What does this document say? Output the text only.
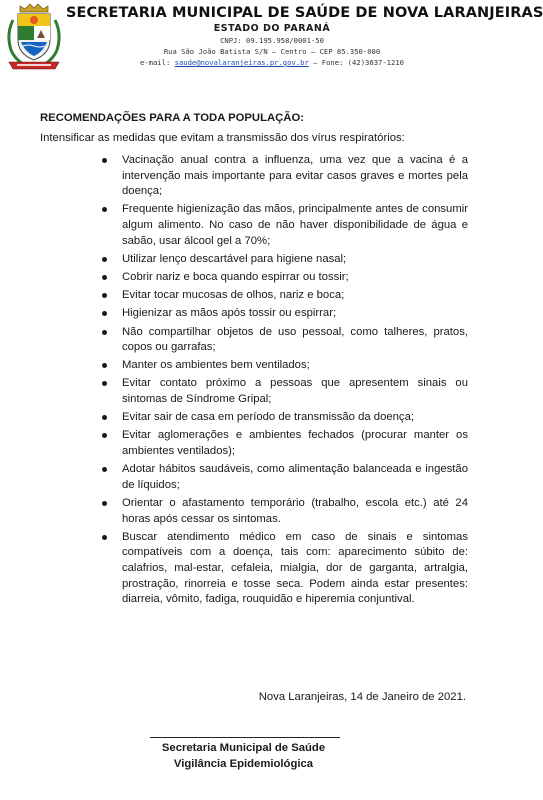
SECRETARIA MUNICIPAL DE SAÚDE DE NOVA LARANJEIRAS
ESTADO DO PARANÁ
CNPJ: 09.195.958/0001-50
Rua São João Batista S/N – Centro – CEP 85.350-000
e-mail: saude@novalaranjeiras.pr.gov.br – Fone: (42)3637-1210
RECOMENDAÇÕES PARA A TODA POPULAÇÃO:
Intensificar as medidas que evitam a transmissão dos vírus respiratórios:
Vacinação anual contra a influenza, uma vez que a vacina é a intervenção mais importante para evitar casos graves e mortes pela doença;
Frequente higienização das mãos, principalmente antes de consumir algum alimento. No caso de não haver disponibilidade de água e sabão, usar álcool gel a 70%;
Utilizar lenço descartável para higiene nasal;
Cobrir nariz e boca quando espirrar ou tossir;
Evitar tocar mucosas de olhos, nariz e boca;
Higienizar as mãos após tossir ou espirrar;
Não compartilhar objetos de uso pessoal, como talheres, pratos, copos ou garrafas;
Manter os ambientes bem ventilados;
Evitar contato próximo a pessoas que apresentem sinais ou sintomas de Síndrome Gripal;
Evitar sair de casa em período de transmissão da doença;
Evitar aglomerações e ambientes fechados (procurar manter os ambientes ventilados);
Adotar hábitos saudáveis, como alimentação balanceada e ingestão de líquidos;
Orientar o afastamento temporário (trabalho, escola etc.) até 24 horas após cessar os sintomas.
Buscar atendimento médico em caso de sinais e sintomas compatíveis com a doença, tais com: aparecimento súbito de: calafrios, mal-estar, cefaleia, mialgia, dor de garganta, artralgia, prostração, rinorreia e tosse seca. Podem ainda estar presentes: diarreia, vômito, fadiga, rouquidão e hiperemia conjuntival.
Nova Laranjeiras, 14 de Janeiro de 2021.
Secretaria Municipal de Saúde
Vigilância Epidemiológica
